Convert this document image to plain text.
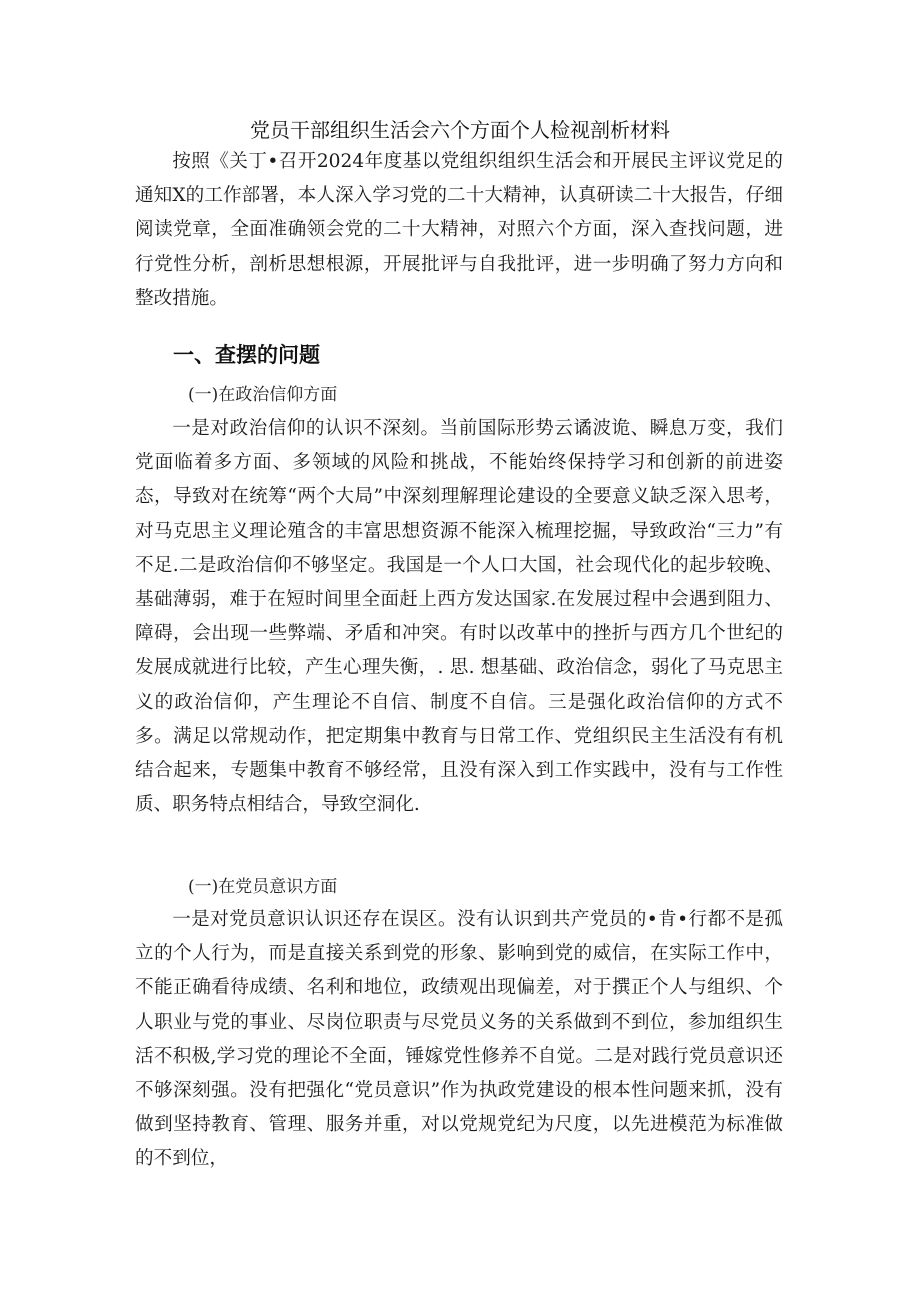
党员干部组织生活会六个方面个人检视剖析材料

按照《关丁•召开2024年度基以党组织组织生活会和开展民主评议党足的通知X的工作部署，本人深入学习党的二十大精神，认真研读二十大报告，仔细阅读党章，全面准确领会党的二十大精神，对照六个方面，深入查找问题，进行党性分析，剖析思想根源，开展批评与自我批评，进一步明确了努力方向和整改措施。

一、查摆的问题
(一)在政治信仰方面

一是对政治信仰的认识不深刻。当前国际形势云谲波诡、瞬息万变，我们党面临着多方面、多领域的风险和挑战，不能始终保持学习和创新的前进姿态，导致对在统筹“两个大局”中深刻理解理论建设的全要意义缺乏深入思考，对马克思主义理论殖含的丰富思想资源不能深入梳理挖掘，导致政治“三力”有不足.二是政治信仰不够坚定。我国是一个人口大国，社会现代化的起步较晚、基础薄弱，难于在短时间里全面赶上西方发达国家.在发展过程中会遇到阻力、障碍，会出现一些弊端、矛盾和冲突。有时以改革中的挫折与西方几个世纪的发展成就进行比较，产生心理失衡，. 思. 想基础、政治信念，弱化了马克思主义的政治信仰，产生理论不自信、制度不自信。三是强化政治信仰的方式不多。满足以常规动作，把定期集中教育与日常工作、党组织民主生活没有有机结合起来，专题集中教育不够经常，且没有深入到工作实践中，没有与工作性质、职务特点相结合，导致空洞化.

(一)在党员意识方面

一是对党员意识认识还存在误区。没有认识到共产党员的•肯•行都不是孤立的个人行为，而是直接关系到党的形象、影响到党的威信，在实际工作中，不能正确看待成绩、名利和地位，政绩观出现偏差，对于撰正个人与组织、个人职业与党的事业、尽岗位职责与尽党员义务的关系做到不到位，参加组织生活不积极,学习党的理论不全面，锤嫁党性修养不自觉。二是对践行党员意识还不够深刻强。没有把强化“党员意识”作为执政党建设的根本性问题来抓，没有做到坚持教育、管理、服务并重，对以党规党纪为尺度，以先进模范为标准做的不到位，
